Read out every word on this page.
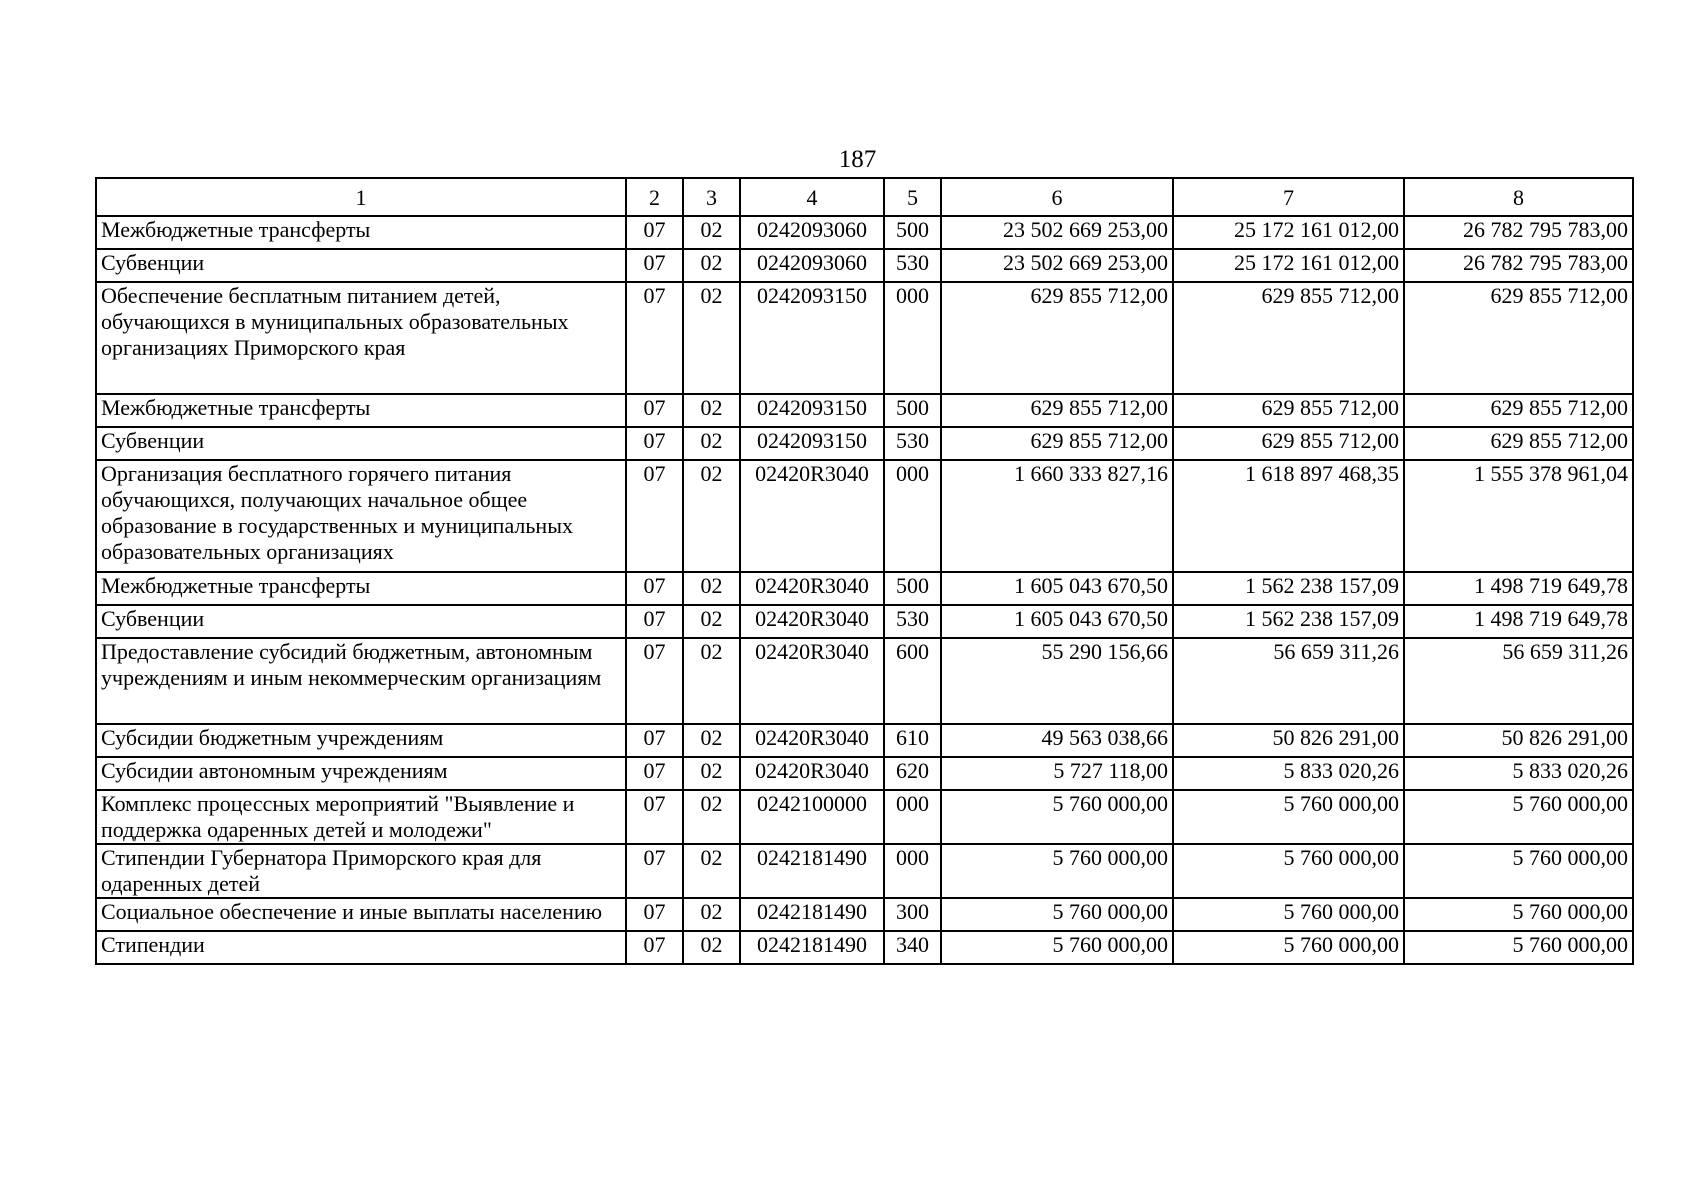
187
1	2	3	4	5	6	7	8
Межбюджетные трансферты	07	02	0242093060	500	23 502 669 253,00	25 172 161 012,00	26 782 795 783,00
Субвенции	07	02	0242093060	530	23 502 669 253,00	25 172 161 012,00	26 782 795 783,00
Обеспечение бесплатным питанием детей, обучающихся в муниципальных образовательных организациях Приморского края	07	02	0242093150	000	629 855 712,00	629 855 712,00	629 855 712,00
Межбюджетные трансферты	07	02	0242093150	500	629 855 712,00	629 855 712,00	629 855 712,00
Субвенции	07	02	0242093150	530	629 855 712,00	629 855 712,00	629 855 712,00
Организация бесплатного горячего питания обучающихся, получающих начальное общее образование в государственных и муниципальных образовательных организациях	07	02	02420R3040	000	1 660 333 827,16	1 618 897 468,35	1 555 378 961,04
Межбюджетные трансферты	07	02	02420R3040	500	1 605 043 670,50	1 562 238 157,09	1 498 719 649,78
Субвенции	07	02	02420R3040	530	1 605 043 670,50	1 562 238 157,09	1 498 719 649,78
Предоставление субсидий бюджетным, автономным учреждениям и иным некоммерческим организациям	07	02	02420R3040	600	55 290 156,66	56 659 311,26	56 659 311,26
Субсидии бюджетным учреждениям	07	02	02420R3040	610	49 563 038,66	50 826 291,00	50 826 291,00
Субсидии автономным учреждениям	07	02	02420R3040	620	5 727 118,00	5 833 020,26	5 833 020,26
Комплекс процессных мероприятий "Выявление и поддержка одаренных детей и молодежи"	07	02	0242100000	000	5 760 000,00	5 760 000,00	5 760 000,00
Стипендии Губернатора Приморского края для одаренных детей	07	02	0242181490	000	5 760 000,00	5 760 000,00	5 760 000,00
Социальное обеспечение и иные выплаты населению	07	02	0242181490	300	5 760 000,00	5 760 000,00	5 760 000,00
Стипендии	07	02	0242181490	340	5 760 000,00	5 760 000,00	5 760 000,00
